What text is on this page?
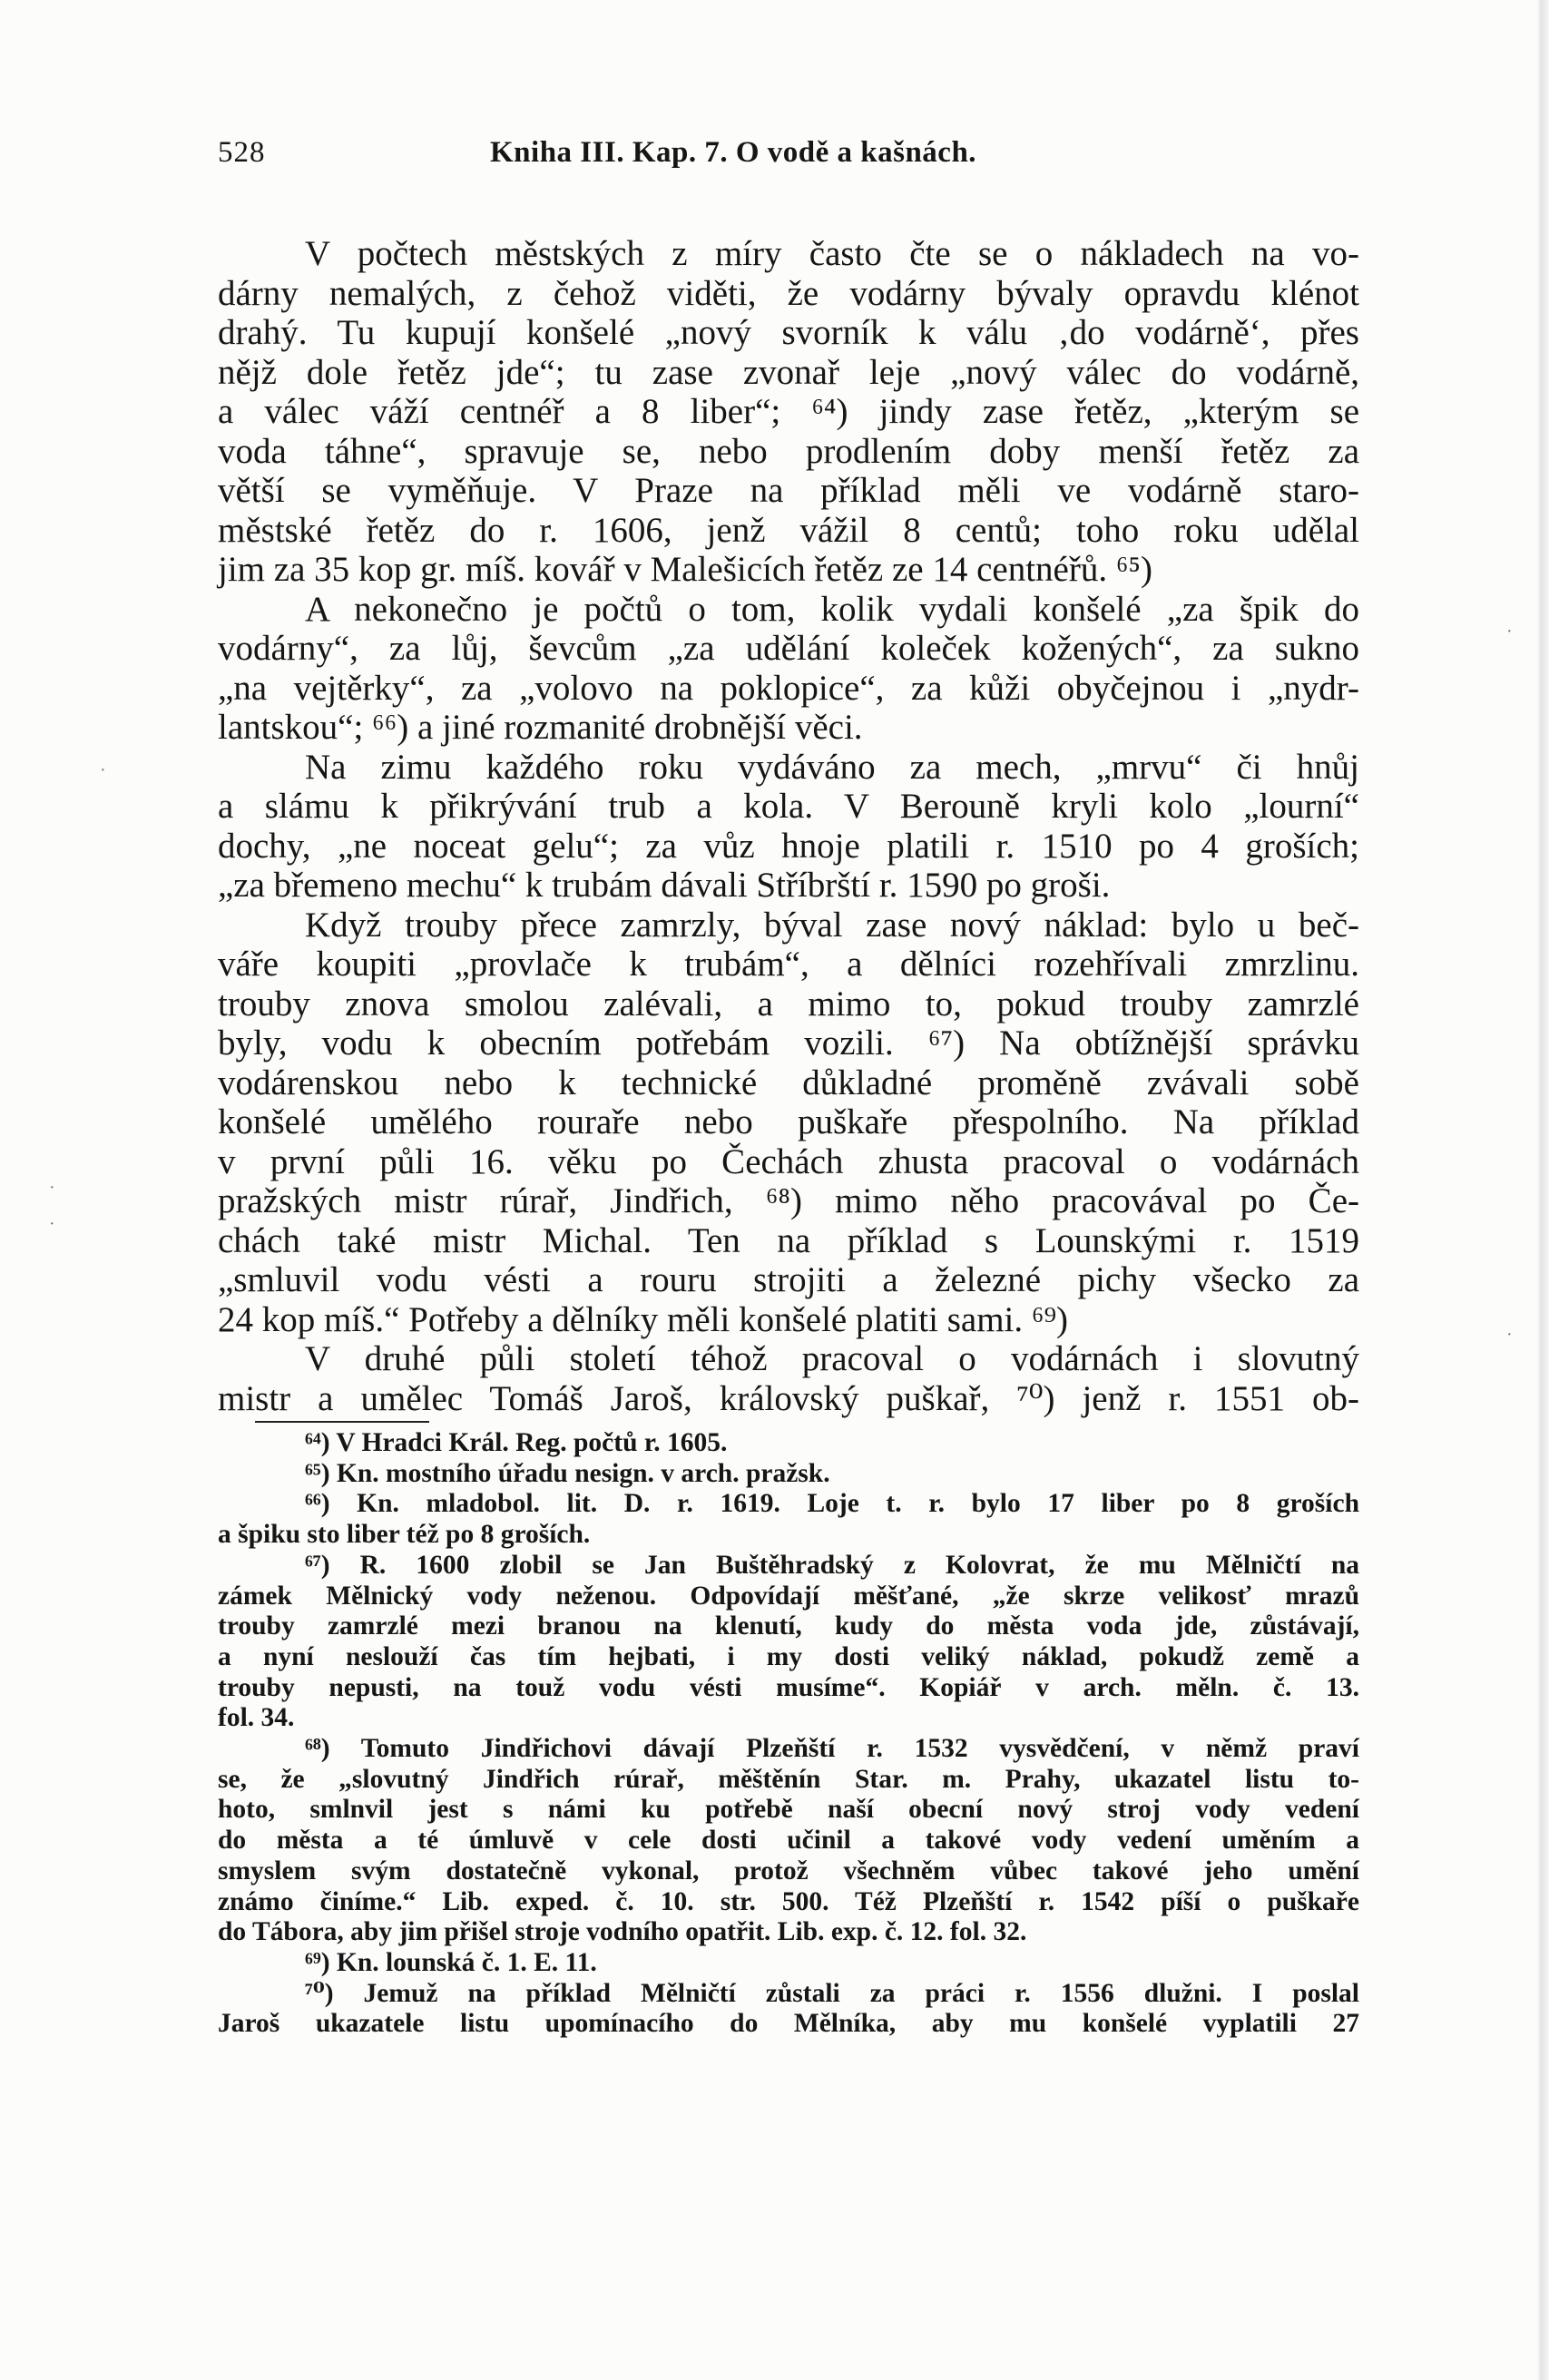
528	Kniha III. Kap. 7. O vodě a kašnách.
V počtech městských z míry často čte se o nákladech na vo-
dárny nemalých, z čehož viděti, že vodárny bývaly opravdu klénot
drahý. Tu kupují konšelé „nový svorník k válu ‚do vodárně‘, přes
nějž dole řetěz jde“; tu zase zvonař leje „nový válec do vodárně,
a válec váží centnéř a 8 liber“; ⁶⁴) jindy zase řetěz, „kterým se
voda táhne“, spravuje se, nebo prodlením doby menší řetěz za
větší se vyměňuje. V Praze na příklad měli ve vodárně staro-
městské řetěz do r. 1606, jenž vážil 8 centů; toho roku udělal
jim za 35 kop gr. míš. kovář v Malešicích řetěz ze 14 centnéřů. ⁶⁵)
A nekonečno je počtů o tom, kolik vydali konšelé „za špik do
vodárny“, za lůj, ševcům „za udělání koleček kožených“, za sukno
„na vejtěrky“, za „volovo na poklopice“, za kůži obyčejnou i „nydr-
lantskou“; ⁶⁶) a jiné rozmanité drobnější věci.
Na zimu každého roku vydáváno za mech, „mrvu“ či hnůj
a slámu k přikrývání trub a kola. V Berouně kryli kolo „lourní“
dochy, „ne noceat gelu“; za vůz hnoje platili r. 1510 po 4 groších;
„za břemeno mechu“ k trubám dávali Stříbrští r. 1590 po groši.
Když trouby přece zamrzly, býval zase nový náklad: bylo u beč-
váře koupiti „provlače k trubám“, a dělníci rozehřívali zmrzlinu.
trouby znova smolou zalévali, a mimo to, pokud trouby zamrzlé
byly, vodu k obecním potřebám vozili. ⁶⁷) Na obtížnější správku
vodárenskou nebo k technické důkladné proměně zvávali sobě
konšelé umělého rouraře nebo puškaře přespolního. Na příklad
v první půli 16. věku po Čechách zhusta pracoval o vodárnách
pražských mistr rúrař, Jindřich, ⁶⁸) mimo něho pracovával po Če-
chách také mistr Michal. Ten na příklad s Lounskými r. 1519
„smluvil vodu vésti a rouru strojiti a železné pichy všecko za
24 kop míš.“ Potřeby a dělníky měli konšelé platiti sami. ⁶⁹)
V druhé půli století téhož pracoval o vodárnách i slovutný
mistr a umělec Tomáš Jaroš, královský puškař, ⁷⁰) jenž r. 1551 ob-
⁶⁴) V Hradci Král. Reg. počtů r. 1605.
⁶⁵) Kn. mostního úřadu nesign. v arch. pražsk.
⁶⁶) Kn. mladobol. lit. D. r. 1619. Loje t. r. bylo 17 liber po 8 groších
a špiku sto liber též po 8 groších.
⁶⁷) R. 1600 zlobil se Jan Buštěhradský z Kolovrat, že mu Mělničtí na
zámek Mělnický vody neženou. Odpovídají měšťané, „že skrze velikosť mrazů
trouby zamrzlé mezi branou na klenutí, kudy do města voda jde, zůstávají,
a nyní neslouží čas tím hejbati, i my dosti veliký náklad, pokudž země a
trouby nepusti, na touž vodu vésti musíme“. Kopiář v arch. měln. č. 13.
fol. 34.
⁶⁸) Tomuto Jindřichovi dávají Plzeňští r. 1532 vysvědčení, v němž praví
se, že „slovutný Jindřich rúrař, měštěnín Star. m. Prahy, ukazatel listu to-
hoto, smlnvil jest s námi ku potřebě naší obecní nový stroj vody vedení
do města a té úmluvě v cele dosti učinil a takové vody vedení uměním a
smyslem svým dostatečně vykonal, protož všechněm vůbec takové jeho umění
známo činíme.“ Lib. exped. č. 10. str. 500. Též Plzeňští r. 1542 píší o puškaře
do Tábora, aby jim přišel stroje vodního opatřit. Lib. exp. č. 12. fol. 32.
⁶⁹) Kn. lounská č. 1. E. 11.
⁷⁰) Jemuž na příklad Mělničtí zůstali za práci r. 1556 dlužni. I poslal
Jaroš ukazatele listu upomínacího do Mělníka, aby mu konšelé vyplatili 27
·
·
·
·
·
